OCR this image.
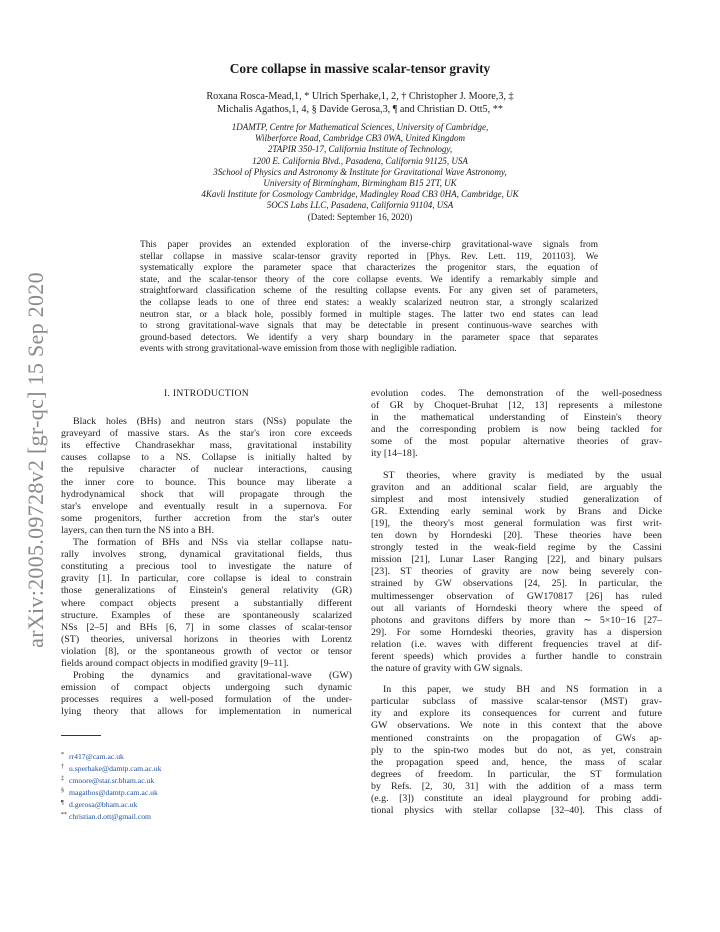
arXiv:2005.09728v2 [gr-qc] 15 Sep 2020
Core collapse in massive scalar-tensor gravity
Roxana Rosca-Mead,1, * Ulrich Sperhake,1, 2, † Christopher J. Moore,3, ‡
Michalis Agathos,1, 4, § Davide Gerosa,3, ¶ and Christian D. Ott5, **
1DAMTP, Centre for Mathematical Sciences, University of Cambridge,
Wilberforce Road, Cambridge CB3 0WA, United Kingdom
2TAPIR 350-17, California Institute of Technology,
1200 E. California Blvd., Pasadena, California 91125, USA
3School of Physics and Astronomy & Institute for Gravitational Wave Astronomy,
University of Birmingham, Birmingham B15 2TT, UK
4Kavli Institute for Cosmology Cambridge, Madingley Road CB3 0HA, Cambridge, UK
5OCS Labs LLC, Pasadena, California 91104, USA
(Dated: September 16, 2020)
This paper provides an extended exploration of the inverse-chirp gravitational-wave signals from
stellar collapse in massive scalar-tensor gravity reported in [Phys. Rev. Lett. 119, 201103]. We
systematically explore the parameter space that characterizes the progenitor stars, the equation of
state, and the scalar-tensor theory of the core collapse events. We identify a remarkably simple and
straightforward classification scheme of the resulting collapse events. For any given set of parameters,
the collapse leads to one of three end states: a weakly scalarized neutron star, a strongly scalarized
neutron star, or a black hole, possibly formed in multiple stages. The latter two end states can lead
to strong gravitational-wave signals that may be detectable in present continuous-wave searches with
ground-based detectors. We identify a very sharp boundary in the parameter space that separates
events with strong gravitational-wave emission from those with negligible radiation.
I. INTRODUCTION
Black holes (BHs) and neutron stars (NSs) populate the
graveyard of massive stars. As the star's iron core exceeds
its effective Chandrasekhar mass, gravitational instability
causes collapse to a NS. Collapse is initially halted by
the repulsive character of nuclear interactions, causing
the inner core to bounce. This bounce may liberate a
hydrodynamical shock that will propagate through the
star's envelope and eventually result in a supernova. For
some progenitors, further accretion from the star's outer
layers, can then turn the NS into a BH.
The formation of BHs and NSs via stellar collapse natu-
rally involves strong, dynamical gravitational fields, thus
constituting a precious tool to investigate the nature of
gravity [1]. In particular, core collapse is ideal to constrain
those generalizations of Einstein's general relativity (GR)
where compact objects present a substantially different
structure. Examples of these are spontaneously scalarized
NSs [2–5] and BHs [6, 7] in some classes of scalar-tensor
(ST) theories, universal horizons in theories with Lorentz
violation [8], or the spontaneous growth of vector or tensor
fields around compact objects in modified gravity [9–11].
Probing the dynamics and gravitational-wave (GW)
emission of compact objects undergoing such dynamic
processes requires a well-posed formulation of the under-
lying theory that allows for implementation in numerical
evolution codes. The demonstration of the well-posedness
of GR by Choquet-Bruhat [12, 13] represents a milestone
in the mathematical understanding of Einstein's theory
and the corresponding problem is now being tackled for
some of the most popular alternative theories of grav-
ity [14–18].
ST theories, where gravity is mediated by the usual
graviton and an additional scalar field, are arguably the
simplest and most intensively studied generalization of
GR. Extending early seminal work by Brans and Dicke
[19], the theory's most general formulation was first writ-
ten down by Horndeski [20]. These theories have been
strongly tested in the weak-field regime by the Cassini
mission [21], Lunar Laser Ranging [22], and binary pulsars
[23]. ST theories of gravity are now being severely con-
strained by GW observations [24, 25]. In particular, the
multimessenger observation of GW170817 [26] has ruled
out all variants of Horndeski theory where the speed of
photons and gravitons differs by more than ∼ 5×10−16 [27–
29]. For some Horndeski theories, gravity has a dispersion
relation (i.e. waves with different frequencies travel at dif-
ferent speeds) which provides a further handle to constrain
the nature of gravity with GW signals.
In this paper, we study BH and NS formation in a
particular subclass of massive scalar-tensor (MST) grav-
ity and explore its consequences for current and future
GW observations. We note in this context that the above
mentioned constraints on the propagation of GWs ap-
ply to the spin-two modes but do not, as yet, constrain
the propagation speed and, hence, the mass of scalar
degrees of freedom. In particular, the ST formulation
by Refs. [2, 30, 31] with the addition of a mass term
(e.g. [3]) constitute an ideal playground for probing addi-
tional physics with stellar collapse [32–40]. This class of
* rr417@cam.ac.uk
† u.sperhake@damtp.cam.ac.uk
‡ cmoore@star.sr.bham.ac.uk
§ magathos@damtp.cam.ac.uk
¶ d.gerosa@bham.ac.uk
** christian.d.ott@gmail.com
